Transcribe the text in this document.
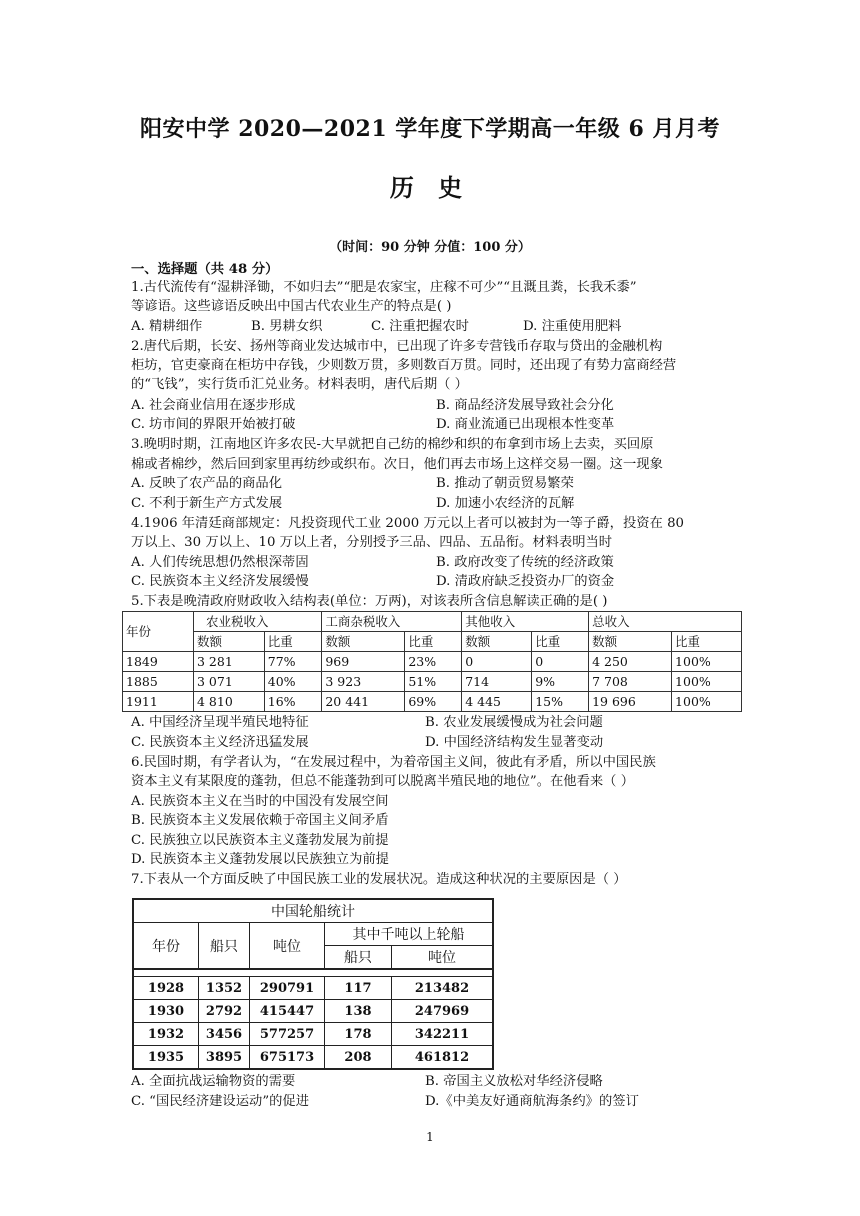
阳安中学 2020—2021 学年度下学期高一年级 6 月月考
历 史
（时间：90 分钟 分值：100 分）
一、选择题（共 48 分）
1.古代流传有“湿耕泽锄，不如归去”“肥是农家宝，庄稼不可少”“且溉且粪，长我禾黍”
等谚语。这些谚语反映出中国古代农业生产的特点是( )
A. 精耕细作	B. 男耕女织	C. 注重把握农时	D. 注重使用肥料
2.唐代后期，长安、扬州等商业发达城市中，已出现了许多专营钱币存取与贷出的金融机构
柜坊，官吏豪商在柜坊中存钱，少则数万贯，多则数百万贯。同时，还出现了有势力富商经营
的“飞钱”，实行货币汇兑业务。材料表明，唐代后期（ ）
A. 社会商业信用在逐步形成	B. 商品经济发展导致社会分化
C. 坊市间的界限开始被打破	D. 商业流通已出现根本性变革
3.晚明时期，江南地区许多农民-大早就把自己纺的棉纱和织的布拿到市场上去卖，买回原
棉或者棉纱，然后回到家里再纺纱或织布。次日，他们再去市场上这样交易一圈。这一现象
A. 反映了农产品的商品化	B. 推动了朝贡贸易繁荣
C. 不利于新生产方式发展	D. 加速小农经济的瓦解
4.1906 年清廷商部规定：凡投资现代工业 2000 万元以上者可以被封为一等子爵，投资在 80
万以上、30 万以上、10 万以上者，分别授予三品、四品、五品衔。材料表明当时
A. 人们传统思想仍然根深蒂固	B. 政府改变了传统的经济政策
C. 民族资本主义经济发展缓慢	D. 清政府缺乏投资办厂的资金
5.下表是晚清政府财政收入结构表(单位：万两)，对该表所含信息解读正确的是( )
年份	农业税收入		工商杂税收入		其他收入		总收入	
	数额	比重	数额	比重	数额	比重	数额	比重
1849	3 281	77%	969	23%	0	0	4 250	100%
1885	3 071	40%	3 923	51%	714	9%	7 708	100%
1911	4 810	16%	20 441	69%	4 445	15%	19 696	100%
A. 中国经济呈现半殖民地特征	B. 农业发展缓慢成为社会问题
C. 民族资本主义经济迅猛发展	D. 中国经济结构发生显著变动
6.民国时期，有学者认为，“在发展过程中，为着帝国主义间，彼此有矛盾，所以中国民族
资本主义有某限度的蓬勃，但总不能蓬勃到可以脱离半殖民地的地位”。在他看来（ ）
A. 民族资本主义在当时的中国没有发展空间
B. 民族资本主义发展依赖于帝国主义间矛盾
C. 民族独立以民族资本主义蓬勃发展为前提
D. 民族资本主义蓬勃发展以民族独立为前提
7.下表从一个方面反映了中国民族工业的发展状况。造成这种状况的主要原因是（ ）
中国轮船统计				
年份	船只	吨位	其中千吨以上轮船	
			船只	吨位

1928	1352	290791	117	213482
1930	2792	415447	138	247969
1932	3456	577257	178	342211
1935	3895	675173	208	461812
A. 全面抗战运输物资的需要	B. 帝国主义放松对华经济侵略
C. “国民经济建设运动”的促进	D.《中美友好通商航海条约》的签订
1
